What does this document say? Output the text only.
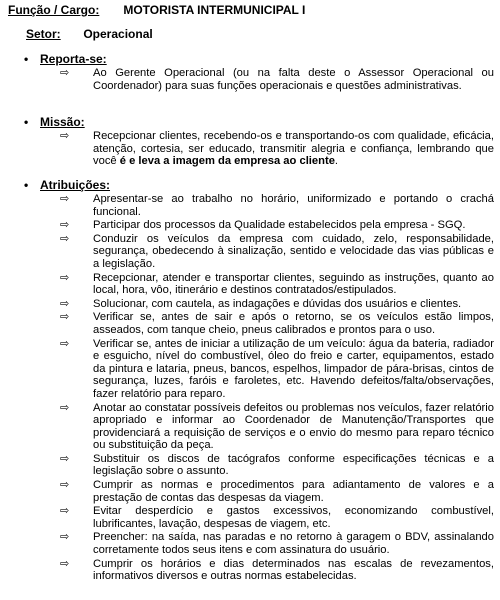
Função / Cargo: MOTORISTA INTERMUNICIPAL I
Setor: Operacional
• Reporta-se:
⇨ Ao Gerente Operacional (ou na falta deste o Assessor Operacional ou Coordenador) para suas funções operacionais e questões administrativas.
• Missão:
⇨ Recepcionar clientes, recebendo-os e transportando-os com qualidade, eficácia, atenção, cortesia, ser educado, transmitir alegria e confiança, lembrando que você é e leva a imagem da empresa ao cliente.
• Atribuições:
⇨ Apresentar-se ao trabalho no horário, uniformizado e portando o crachá funcional.
⇨ Participar dos processos da Qualidade estabelecidos pela empresa - SGQ.
⇨ Conduzir os veículos da empresa com cuidado, zelo, responsabilidade, segurança, obedecendo à sinalização, sentido e velocidade das vias públicas e a legislação.
⇨ Recepcionar, atender e transportar clientes, seguindo as instruções, quanto ao local, hora, vôo, itinerário e destinos contratados/estipulados.
⇨ Solucionar, com cautela, as indagações e dúvidas dos usuários e clientes.
⇨ Verificar se, antes de sair e após o retorno, se os veículos estão limpos, asseados, com tanque cheio, pneus calibrados e prontos para o uso.
⇨ Verificar se, antes de iniciar a utilização de um veículo: água da bateria, radiador e esguicho, nível do combustível, óleo do freio e carter, equipamentos, estado da pintura e lataria, pneus, bancos, espelhos, limpador de pára-brisas, cintos de segurança, luzes, faróis e faroletes, etc. Havendo defeitos/falta/observações, fazer relatório para reparo.
⇨ Anotar ao constatar possíveis defeitos ou problemas nos veículos, fazer relatório apropriado e informar ao Coordenador de Manutenção/Transportes que providenciará a requisição de serviços e o envio do mesmo para reparo técnico ou substituição da peça.
⇨ Substituir os discos de tacógrafos conforme especificações técnicas e a legislação sobre o assunto.
⇨ Cumprir as normas e procedimentos para adiantamento de valores e a prestação de contas das despesas da viagem.
⇨ Evitar desperdício e gastos excessivos, economizando combustível, lubrificantes, lavação, despesas de viagem, etc.
⇨ Preencher: na saída, nas paradas e no retorno à garagem o BDV, assinalando corretamente todos seus itens e com assinatura do usuário.
⇨ Cumprir os horários e dias determinados nas escalas de revezamentos, informativos diversos e outras normas estabelecidas.
